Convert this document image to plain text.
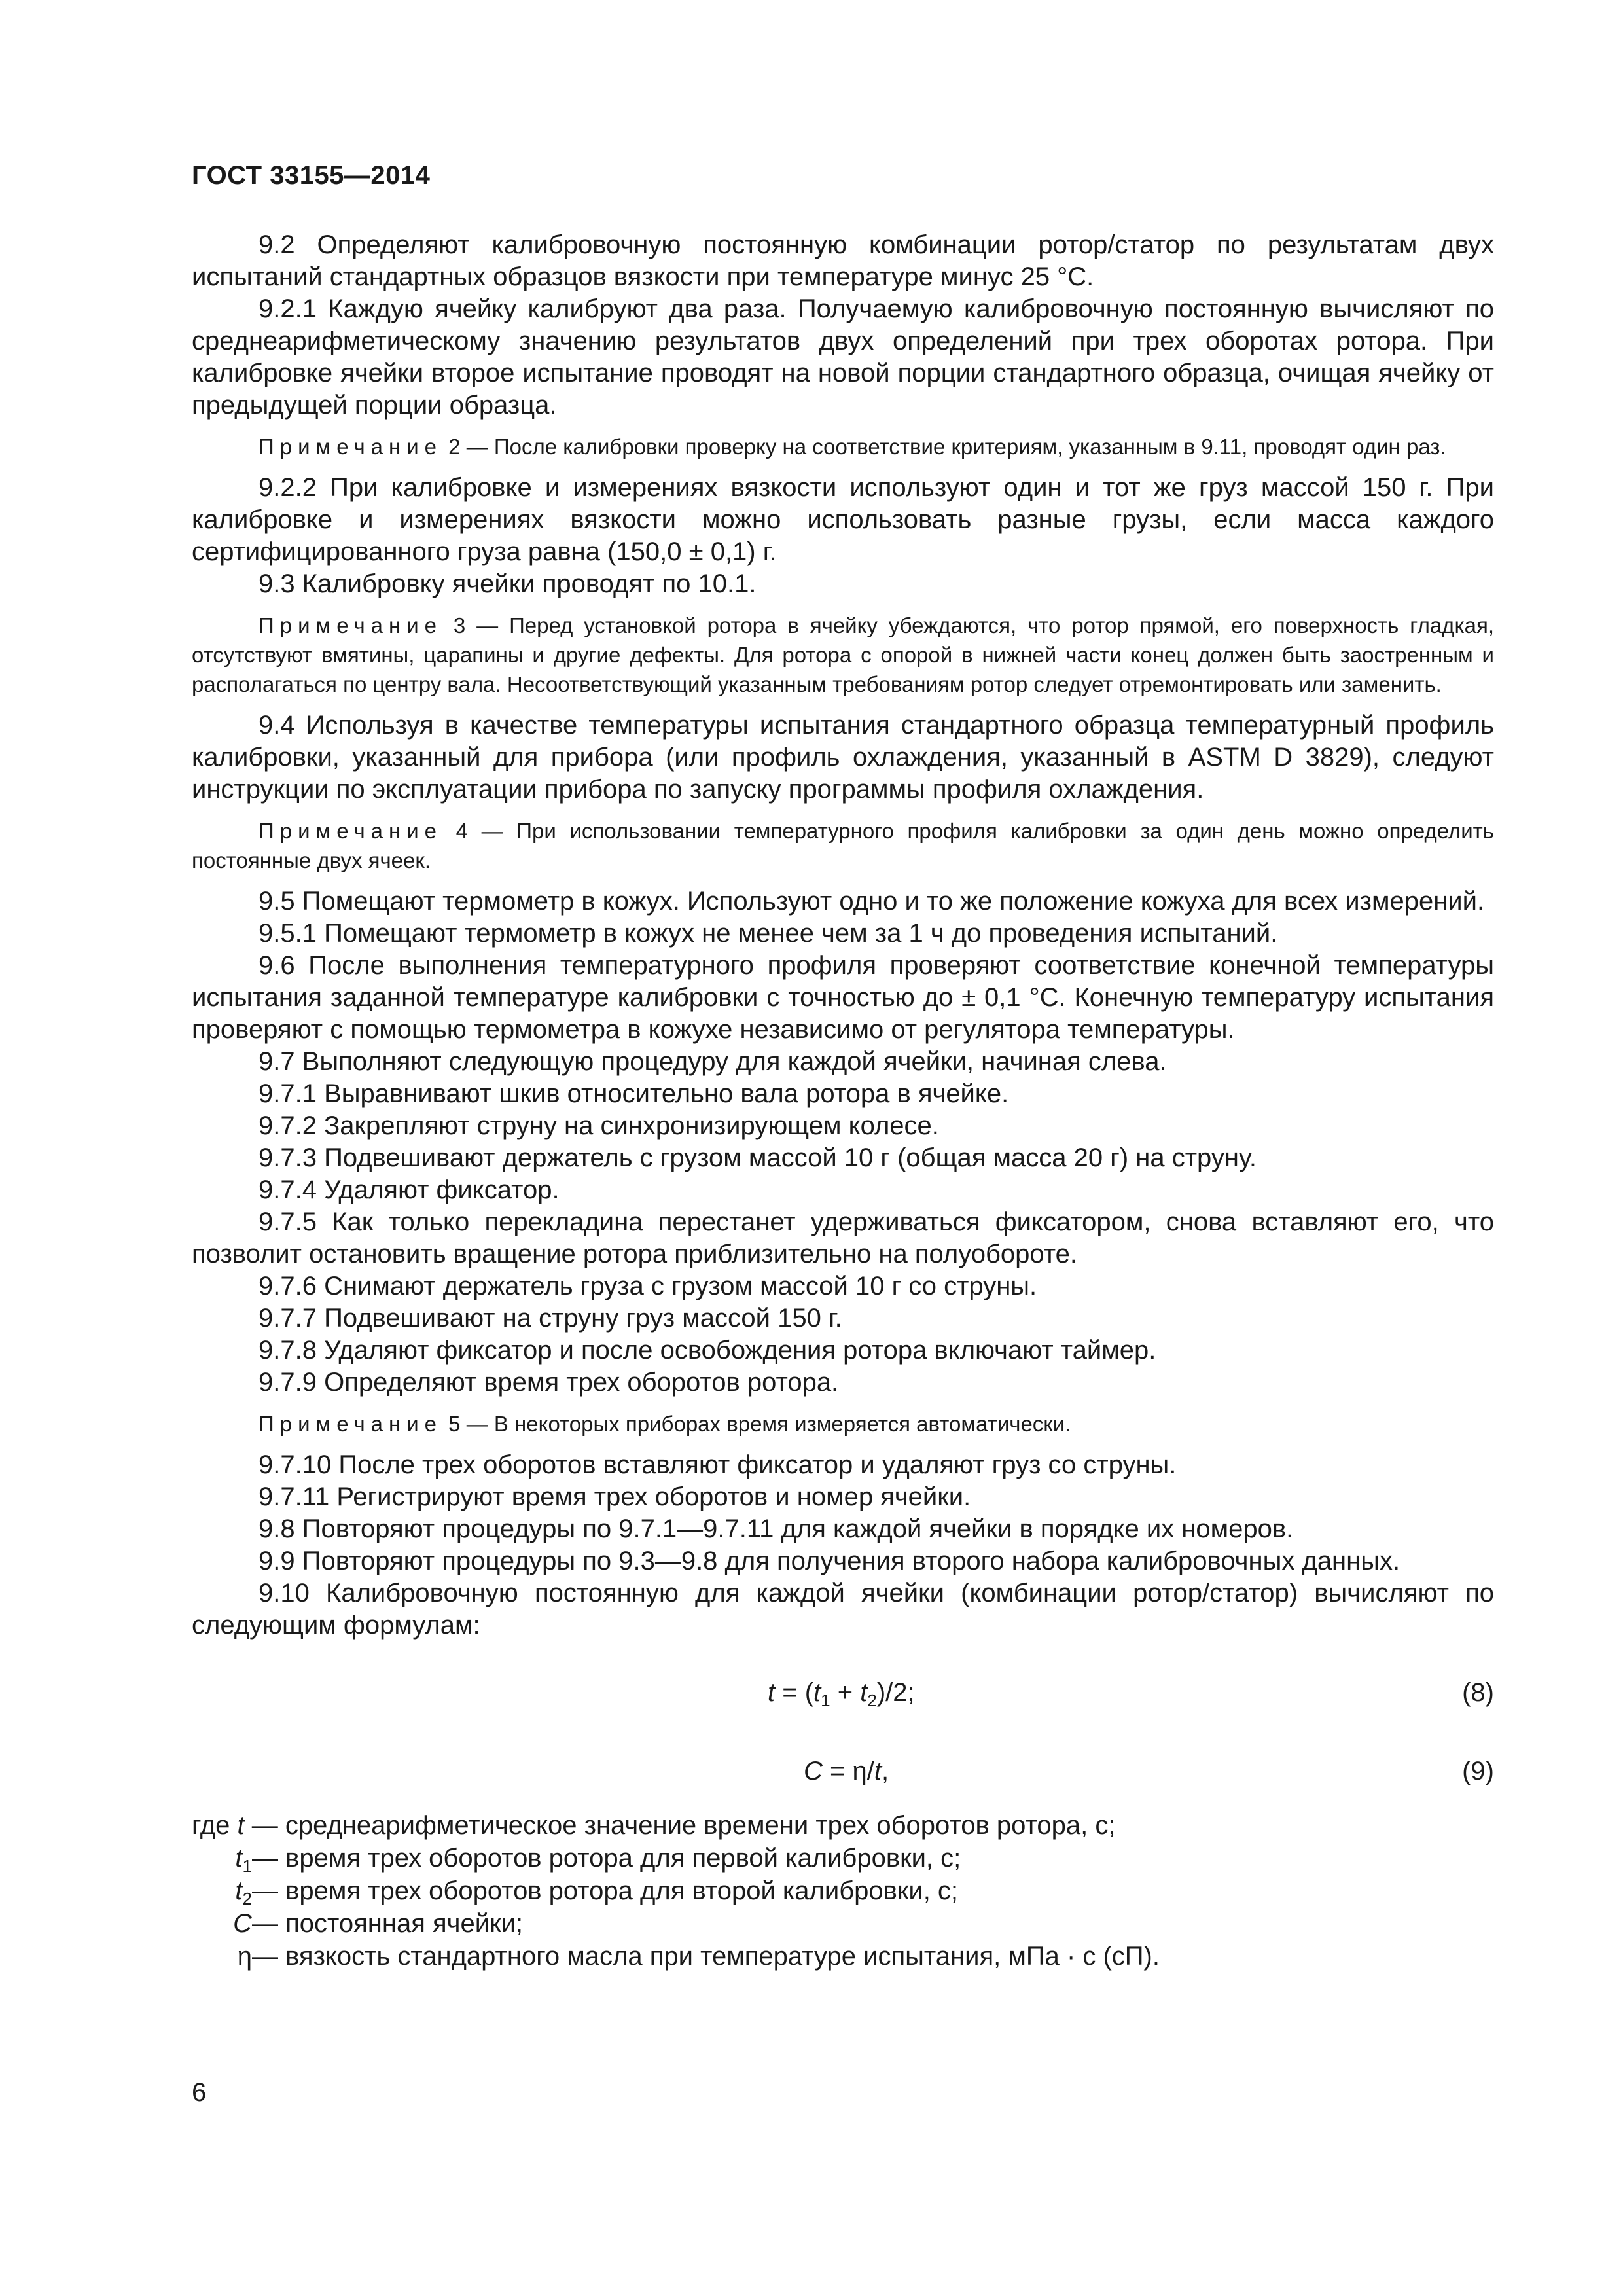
ГОСТ 33155—2014

9.2 Определяют калибровочную постоянную комбинации ротор/статор по результатам двух испытаний стандартных образцов вязкости при температуре минус 25 °С.

9.2.1 Каждую ячейку калибруют два раза. Получаемую калибровочную постоянную вычисляют по среднеарифметическому значению результатов двух определений при трех оборотах ротора. При калибровке ячейки второе испытание проводят на новой порции стандартного образца, очищая ячейку от предыдущей порции образца.

Примечание 2 — После калибровки проверку на соответствие критериям, указанным в 9.11, проводят один раз.

9.2.2 При калибровке и измерениях вязкости используют один и тот же груз массой 150 г. При калибровке и измерениях вязкости можно использовать разные грузы, если масса каждого сертифицированного груза равна (150,0 ± 0,1) г.

9.3 Калибровку ячейки проводят по 10.1.

Примечание 3 — Перед установкой ротора в ячейку убеждаются, что ротор прямой, его поверхность гладкая, отсутствуют вмятины, царапины и другие дефекты. Для ротора с опорой в нижней части конец должен быть заостренным и располагаться по центру вала. Несоответствующий указанным требованиям ротор следует отремонтировать или заменить.

9.4 Используя в качестве температуры испытания стандартного образца температурный профиль калибровки, указанный для прибора (или профиль охлаждения, указанный в ASTM D 3829), следуют инструкции по эксплуатации прибора по запуску программы профиля охлаждения.

Примечание 4 — При использовании температурного профиля калибровки за один день можно определить постоянные двух ячеек.

9.5 Помещают термометр в кожух. Используют одно и то же положение кожуха для всех измерений.

9.5.1 Помещают термометр в кожух не менее чем за 1 ч до проведения испытаний.

9.6 После выполнения температурного профиля проверяют соответствие конечной температуры испытания заданной температуре калибровки с точностью до ± 0,1 °С. Конечную температуру испытания проверяют с помощью термометра в кожухе независимо от регулятора температуры.

9.7 Выполняют следующую процедуру для каждой ячейки, начиная слева.

9.7.1 Выравнивают шкив относительно вала ротора в ячейке.

9.7.2 Закрепляют струну на синхронизирующем колесе.

9.7.3 Подвешивают держатель с грузом массой 10 г (общая масса 20 г) на струну.

9.7.4 Удаляют фиксатор.

9.7.5 Как только перекладина перестанет удерживаться фиксатором, снова вставляют его, что позволит остановить вращение ротора приблизительно на полуобороте.

9.7.6 Снимают держатель груза с грузом массой 10 г со струны.

9.7.7 Подвешивают на струну груз массой 150 г.

9.7.8 Удаляют фиксатор и после освобождения ротора включают таймер.

9.7.9 Определяют время трех оборотов ротора.

Примечание 5 — В некоторых приборах время измеряется автоматически.

9.7.10 После трех оборотов вставляют фиксатор и удаляют груз со струны.

9.7.11 Регистрируют время трех оборотов и номер ячейки.

9.8 Повторяют процедуры по 9.7.1—9.7.11 для каждой ячейки в порядке их номеров.

9.9 Повторяют процедуры по 9.3—9.8 для получения второго набора калибровочных данных.

9.10 Калибровочную постоянную для каждой ячейки (комбинации ротор/статор) вычисляют по следующим формулам:

$t = (t_1 + t_2)/2$;	(8)
C = η/t,	(9)
где t — среднеарифметическое значение времени трех оборотов ротора, с;
$t_1$ — время трех оборотов ротора для первой калибровки, с;
$t_2$ — время трех оборотов ротора для второй калибровки, с;
C — постоянная ячейки;
η — вязкость стандартного масла при температуре испытания, мПа · с (сП).
6
